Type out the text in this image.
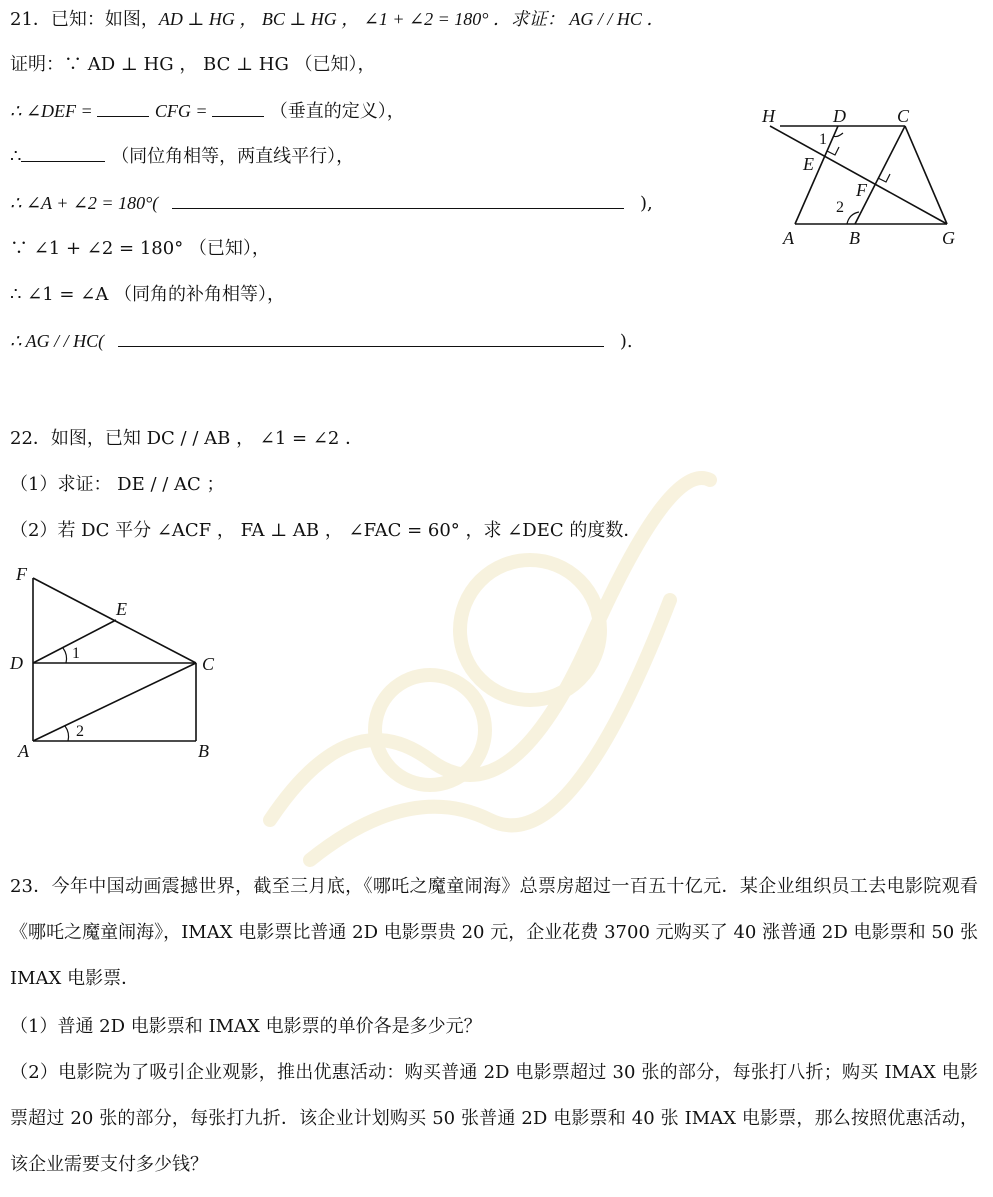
21．已知：如图，AD ⊥ HG ， BC ⊥ HG ， ∠1 + ∠2 = 180° ．求证： AG / / HC ．
证明：∵ AD ⊥ HG ， BC ⊥ HG （已知），
∴ ∠DEF =	CFG =	（垂直的定义），
∴	（同位角相等，两直线平行），
∴ ∠A + ∠2 = 180°(	),
∵ ∠1 + ∠2 = 180° （已知），
∴ ∠1 = ∠A （同角的补角相等），
∴ AG / / HC(	).
H	D	C
E
F
A	B	G
1
2
22．如图，已知 DC / / AB ， ∠1 = ∠2 ．
（1）求证： DE / / AC ；
（2）若 DC 平分 ∠ACF ， FA ⊥ AB ， ∠FAC = 60° ，求 ∠DEC 的度数．
F
E
D	C
A	B
1
2
23．今年中国动画震撼世界，截至三月底，《哪吒之魔童闹海》总票房超过一百五十亿元．某企业组织员工去电影院观看《哪吒之魔童闹海》，IMAX 电影票比普通 2D 电影票贵 20 元，企业花费 3700 元购买了 40 涨普通 2D 电影票和 50 张 IMAX 电影票．
（1）普通 2D 电影票和 IMAX 电影票的单价各是多少元？
（2）电影院为了吸引企业观影，推出优惠活动：购买普通 2D 电影票超过 30 张的部分，每张打八折；购买 IMAX 电影票超过 20 张的部分，每张打九折．该企业计划购买 50 张普通 2D 电影票和 40 张 IMAX 电影票，那么按照优惠活动，该企业需要支付多少钱？
